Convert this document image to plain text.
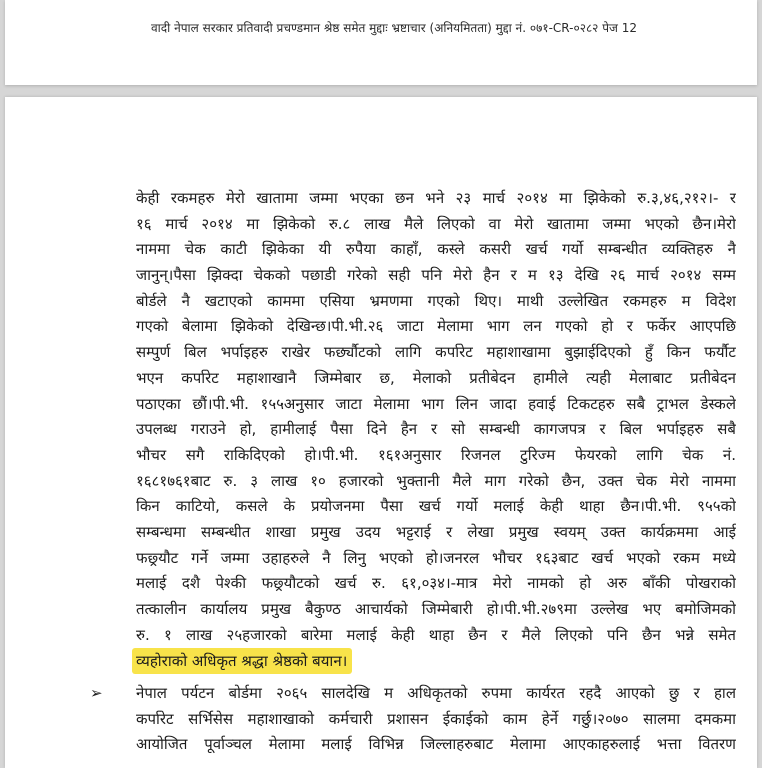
वादी नेपाल सरकार प्रतिवादी प्रचण्डमान श्रेष्ठ समेत मुद्दाः भ्रष्टाचार (अनियमितता) मुद्दा नं. ०७१-CR-०२८२ पेज 12
केही रकमहरु मेरो खातामा जम्मा भएका छन भने २३ मार्च २०१४ मा झिकेको रु.३,४६,२१२।- र
१६ मार्च २०१४ मा झिकेको रु.८ लाख मैले लिएको वा मेरो खातामा जम्मा भएको छैन।मेरो
नाममा चेक काटी झिकेका यी रुपैया काहाँ, कस्ले कसरी खर्च गर्यो सम्बन्धीत व्यक्तिहरु नै
जानुन्।पैसा झिक्दा चेकको पछाडी गरेको सही पनि मेरो हैन र म १३ देखि २६ मार्च २०१४ सम्म
बोर्डले नै खटाएको काममा एसिया भ्रमणमा गएको थिए। माथी उल्लेखित रकमहरु म विदेश
गएको बेलामा झिकेको देखिन्छ।पी.भी.२६ जाटा मेलामा भाग लन गएको हो र फर्केर आएपछि
सम्पुर्ण बिल भर्पाइहरु राखेर फर्छ्यौटको लागि कर्पारेट महाशाखामा बुझाईदिएको हुँ किन फर्यौट
भएन कर्पारेट महाशाखानै जिम्मेबार छ, मेलाको प्रतीबेदन हामीले त्यही मेलाबाट प्रतीबेदन
पठाएका छौं।पी.भी. १५५अनुसार जाटा मेलामा भाग लिन जादा हवाई टिकटहरु सबै ट्राभल डेस्कले
उपलब्ध गराउने हो, हामीलाई पैसा दिने हैन र सो सम्बन्धी कागजपत्र र बिल भर्पाइहरु सबै
भौचर सगै राकिदिएको हो।पी.भी. १६१अनुसार रिजनल टुरिज्म फेयरको लागि चेक नं.
१६८१७६१बाट रु. ३ लाख १० हजारको भुक्तानी मैले माग गरेको छैन, उक्त चेक मेरो नाममा
किन काटियो, कसले के प्रयोजनमा पैसा खर्च गर्यो मलाई केही थाहा छैन।पी.भी. ९५५को
सम्बन्धमा सम्बन्धीत शाखा प्रमुख उदय भट्टराई र लेखा प्रमुख स्वयम् उक्त कार्यक्रममा आई
फछ्र्यौट गर्ने जम्मा उहाहरुले नै लिनु भएको हो।जनरल भौचर १६३बाट खर्च भएको रकम मध्ये
मलाई दशै पेश्की फछ्र्यौटको खर्च रु. ६१,०३४।-मात्र मेरो नामको हो अरु बाँकी पोखराको
तत्कालीन कार्यालय प्रमुख बैकुण्ठ आचार्यको जिम्मेबारी हो।पी.भी.२७९मा उल्लेख भए बमोजिमको
रु. १ लाख २५हजारको बारेमा मलाई केही थाहा छैन र मैले लिएको पनि छैन भन्ने समेत
व्यहोराको अधिकृत श्रद्धा श्रेष्ठको बयान।
➢	नेपाल पर्यटन बोर्डमा २०६५ सालदेखि म अधिकृतको रुपमा कार्यरत रहदै आएको छु र हाल
कर्पारेट सर्भिसेस महाशाखाको कर्मचारी प्रशासन ईकाईको काम हेर्ने गर्छु।२०७० सालमा दमकमा
आयोजित पूर्वाञ्चल मेलामा मलाई विभिन्न जिल्लाहरुबाट मेलामा आएकाहरुलाई भत्ता वितरण
